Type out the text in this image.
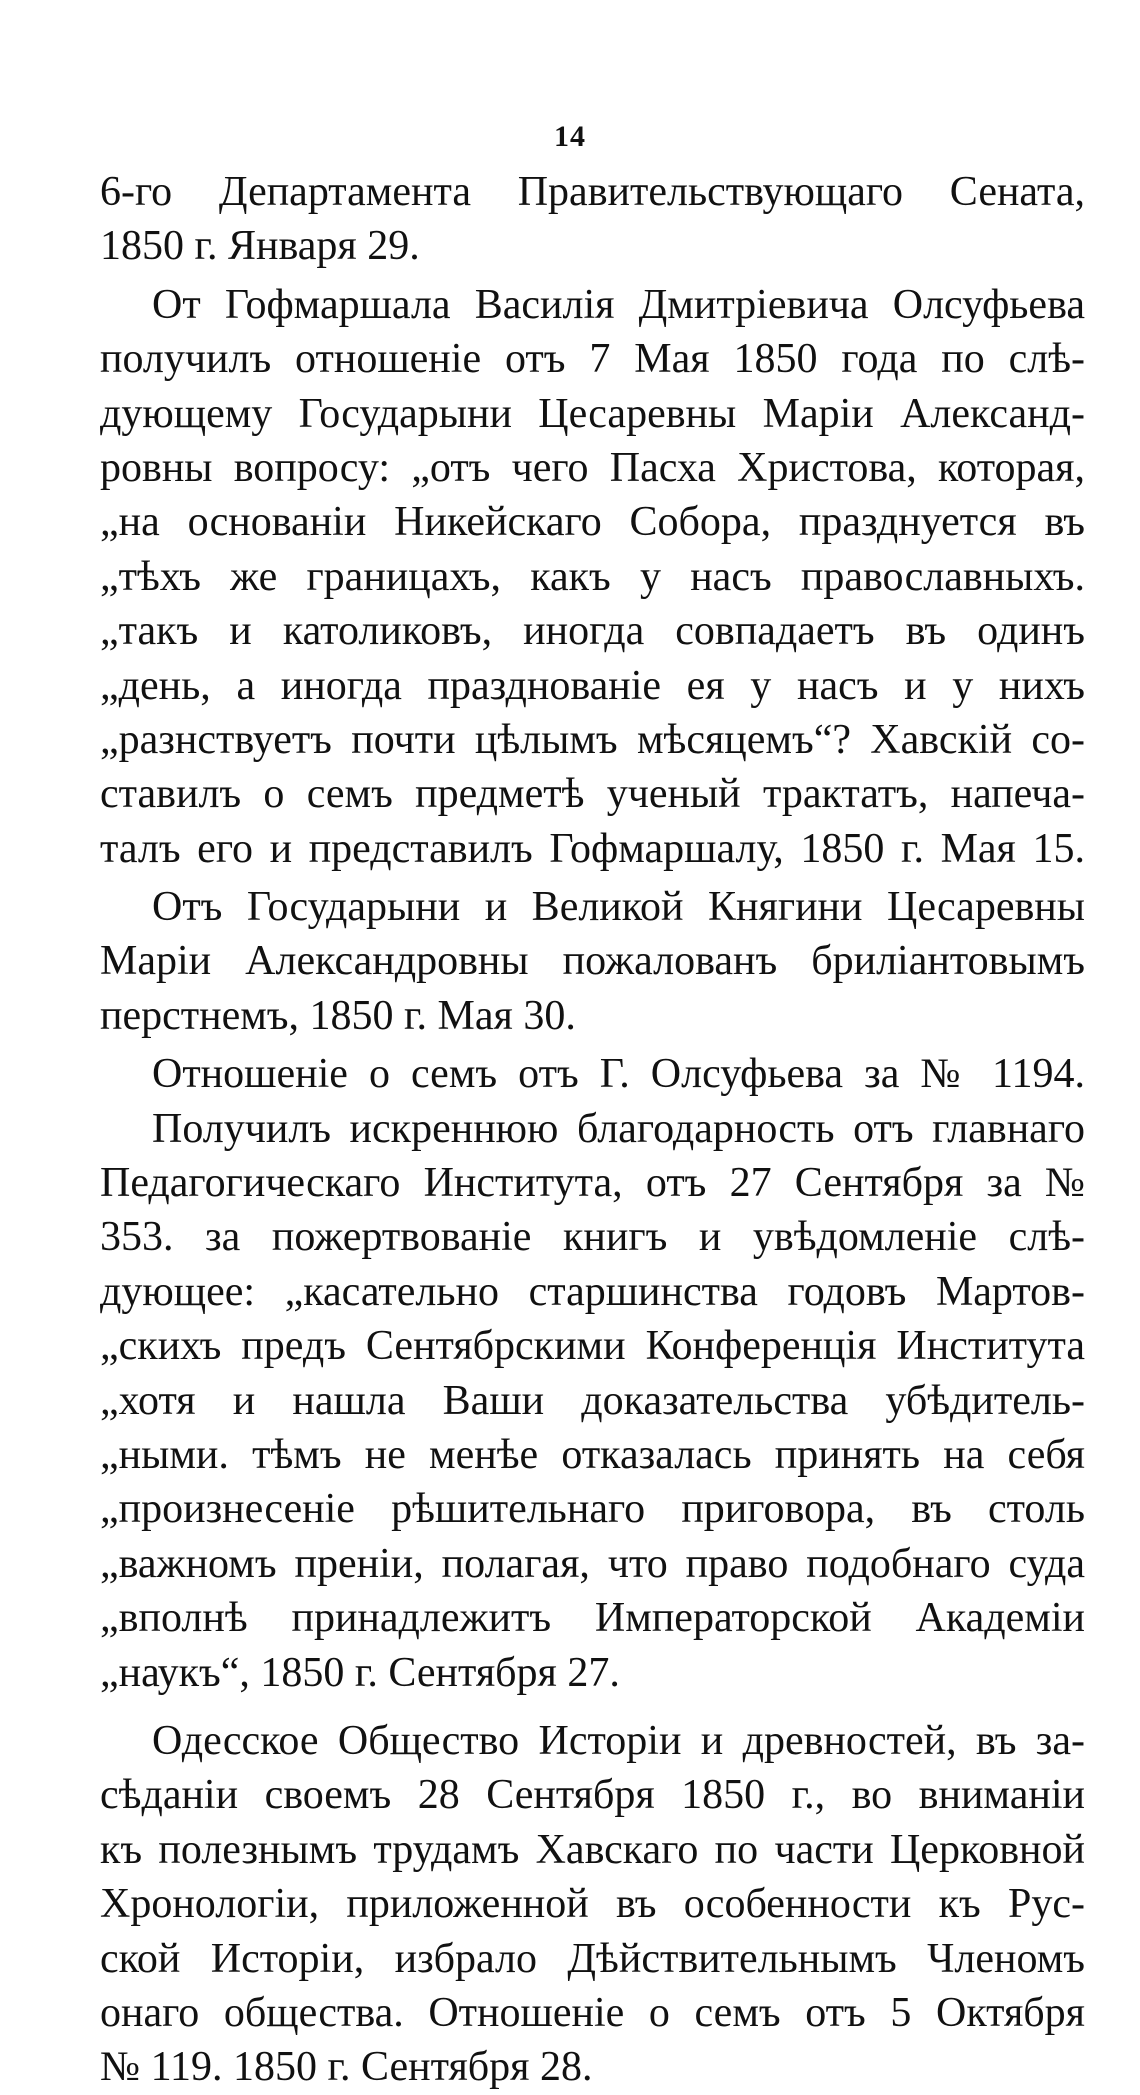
14
6-го Департамента Правительствующаго Сената,
1850 г. Января 29.
От Гофмаршала Василія Дмитріевича Олсуфьева
получилъ отношеніе отъ 7 Мая 1850 года по слѣ-
дующему Государыни Цесаревны Маріи Александ-
ровны вопросу: „отъ чего Пасха Христова, которая,
„на основаніи Никейскаго Собора, празднуется въ
„тѣхъ же границахъ, какъ у насъ православныхъ.
„такъ и католиковъ, иногда совпадаетъ въ одинъ
„день, а иногда празднованіе ея у насъ и у нихъ
„разнствуетъ почти цѣлымъ мѣсяцемъ“? Хавскій со-
ставилъ о семъ предметѣ ученый трактатъ, напеча-
талъ его и представилъ Гофмаршалу, 1850 г. Мая 15.
Отъ Государыни и Великой Княгини Цесаревны
Маріи Александровны пожалованъ бриліантовымъ
перстнемъ, 1850 г. Мая 30.
Отношеніе о семъ отъ Г. Олсуфьева за № 1194.
Получилъ искреннюю благодарность отъ главнаго
Педагогическаго Института, отъ 27 Сентября за №
353. за пожертвованіе книгъ и увѣдомленіе слѣ-
дующее: „касательно старшинства годовъ Мартов-
„скихъ предъ Сентябрскими Конференція Института
„хотя и нашла Ваши доказательства убѣдитель-
„ными. тѣмъ не менѣе отказалась принять на себя
„произнесеніе рѣшительнаго приговора, въ столь
„важномъ преніи, полагая, что право подобнаго суда
„вполнѣ принадлежитъ Императорской Академіи
„наукъ“, 1850 г. Сентября 27.
Одесское Общество Исторіи и древностей, въ за-
сѣданіи своемъ 28 Сентября 1850 г., во вниманіи
къ полезнымъ трудамъ Хавскаго по части Церковной
Хронологіи, приложенной въ особенности къ Рус-
ской Исторіи, избрало Дѣйствительнымъ Членомъ
онаго общества. Отношеніе о семъ отъ 5 Октября
№ 119. 1850 г. Сентября 28.
